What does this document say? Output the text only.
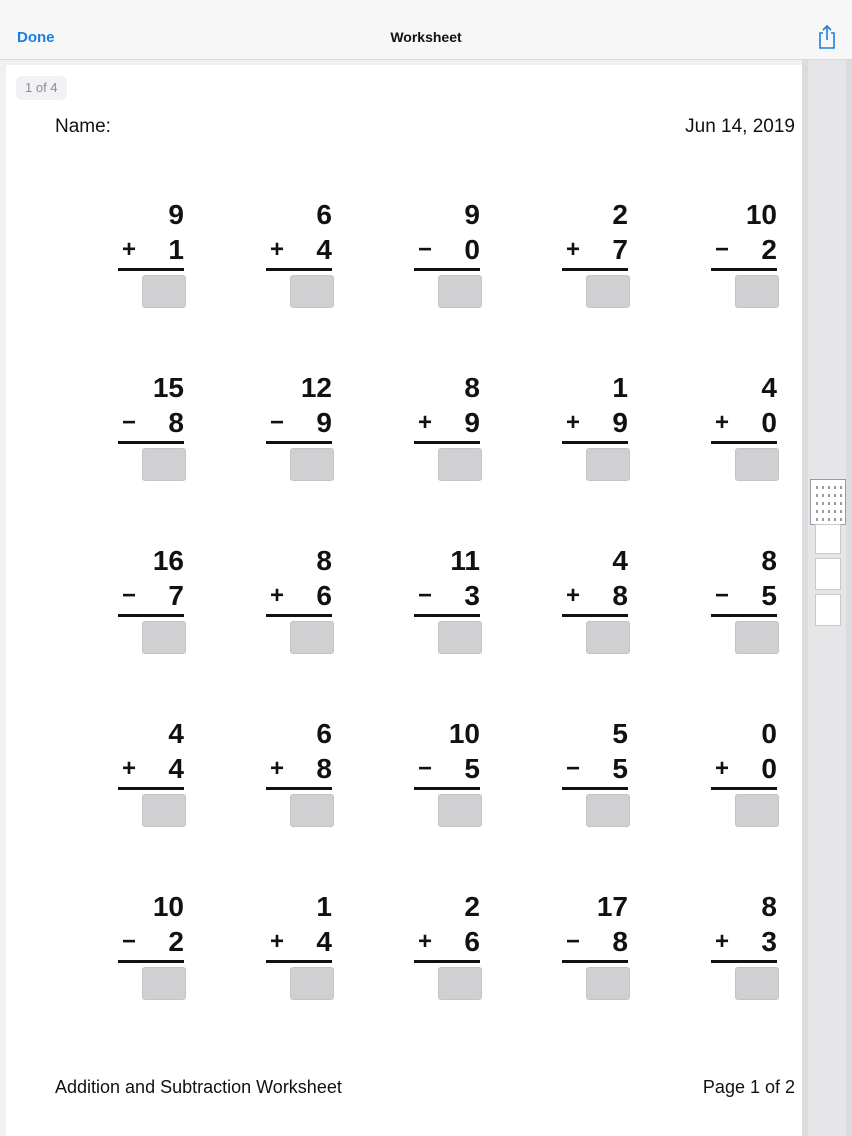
Done	Worksheet
1 of 4
Name:	Jun 14, 2019
9
+ 1
6
+ 4
9
− 0
2
+ 7
10
− 2
15
− 8
12
− 9
8
+ 9
1
+ 9
4
+ 0
16
− 7
8
+ 6
11
− 3
4
+ 8
8
− 5
4
+ 4
6
+ 8
10
− 5
5
− 5
0
+ 0
10
− 2
1
+ 4
2
+ 6
17
− 8
8
+ 3
Addition and Subtraction Worksheet	Page 1 of 2
